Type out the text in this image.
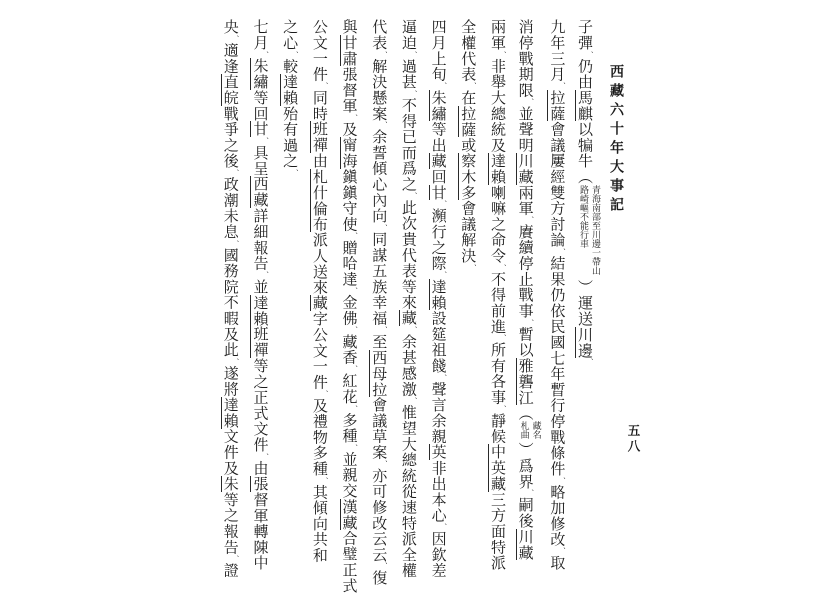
西藏六十年大事記
五八
子彈、仍由馬麒以犏牛（青海南部至川邊一帶山路崎嶇不能行車）運送川邊、
九年三月、拉薩會議屢經雙方討論、結果仍依民國七年暫行停戰條件、略加修改、取
消停戰期限、並聲明川藏兩軍、賡續停止戰事、暫以雅礱江（藏名札曲）爲界、嗣後川藏
兩軍、非舉大總統及達賴喇嘛之命令、不得前進、所有各事、靜候中英藏三方面特派
全權代表、在拉薩或察木多會議解決、
四月上旬、朱繡等出藏回甘、瀕行之際、達賴設筵祖餞、聲言余親英非出本心、因欽差
逼迫、過甚、不得已而爲之、此次貴代表等來藏、余甚感激、惟望大總統從速特派全權
代表、解決懸案、余誓傾心內向、同謀五族幸福、至西母拉會議草案、亦可修改云云、復
與甘肅張督軍、及甯海鎭鎭守使、贈哈達、金佛、藏香、紅花、多種、並親交漢藏合璧正式
公文一件、同時班禪由札什倫布派人送來藏字公文一件、及禮物多種、其傾向共和
之心、較達賴殆有過之、
七月、朱繡等回甘、具呈西藏詳細報告、並達賴班禪等之正式文件、由張督軍轉陳中
央、適逢直皖戰爭之後、政潮未息、國務院不暇及此、遂將達賴文件及朱等之報告、證
